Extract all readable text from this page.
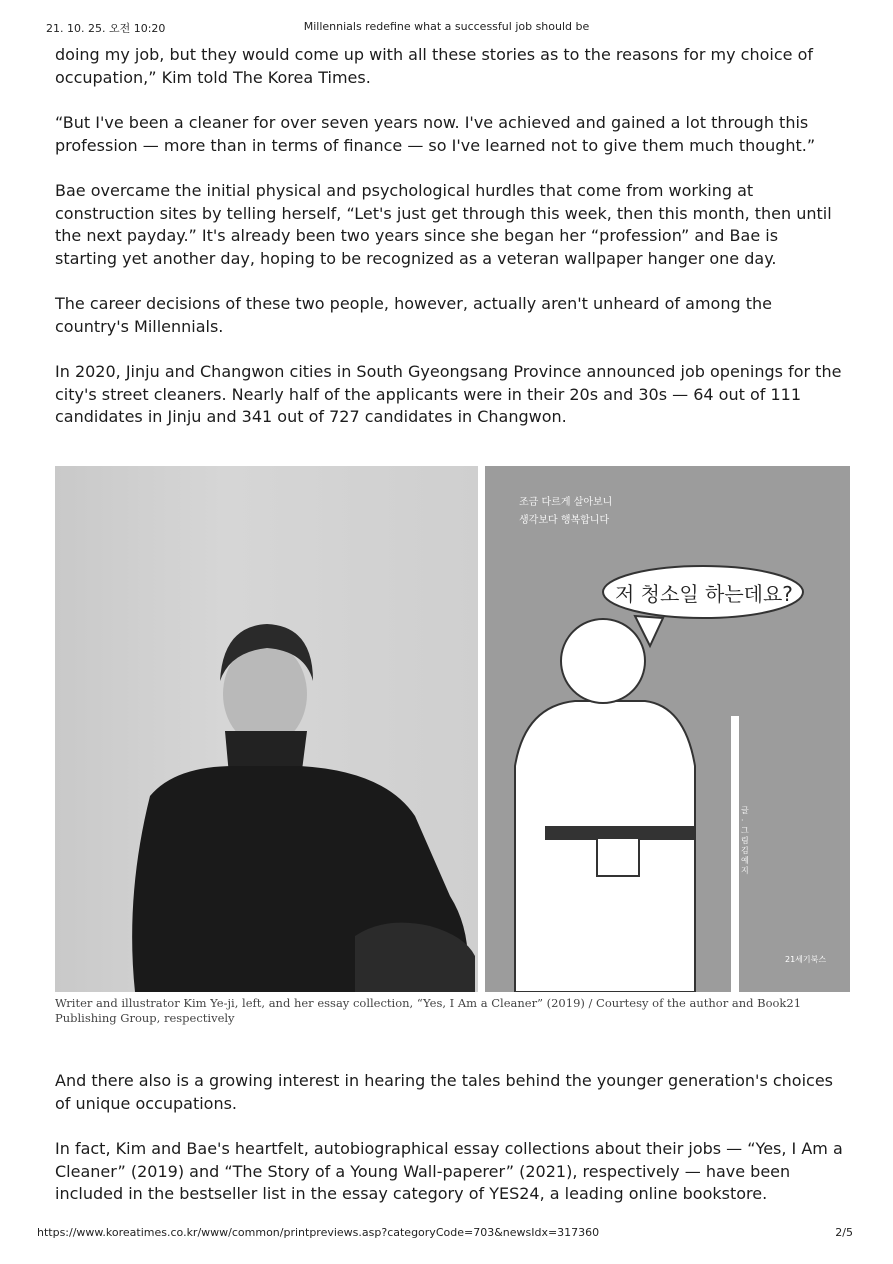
21. 10. 25. 오전 10:20	Millennials redefine what a successful job should be

doing my job, but they would come up with all these stories as to the reasons for my choice of occupation,” Kim told The Korea Times.

“But I've been a cleaner for over seven years now. I've achieved and gained a lot through this profession — more than in terms of finance — so I've learned not to give them much thought.”

Bae overcame the initial physical and psychological hurdles that come from working at construction sites by telling herself, “Let's just get through this week, then this month, then until the next payday.” It's already been two years since she began her “profession” and Bae is starting yet another day, hoping to be recognized as a veteran wallpaper hanger one day.

The career decisions of these two people, however, actually aren't unheard of among the country's Millennials.

In 2020, Jinju and Changwon cities in South Gyeongsang Province announced job openings for the city's street cleaners. Nearly half of the applicants were in their 20s and 30s — 64 out of 111 candidates in Jinju and 341 out of 727 candidates in Changwon.

조금 다르게 살아보니
생각보다 행복합니다
저 청소일 하는데요?
글·그림 김예지
21세기북스
Writer and illustrator Kim Ye-ji, left, and her essay collection, “Yes, I Am a Cleaner” (2019) / Courtesy of the author and Book21 Publishing Group, respectively

And there also is a growing interest in hearing the tales behind the younger generation's choices of unique occupations.

In fact, Kim and Bae's heartfelt, autobiographical essay collections about their jobs — “Yes, I Am a Cleaner” (2019) and “The Story of a Young Wall-paperer” (2021), respectively — have been included in the bestseller list in the essay category of YES24, a leading online bookstore.

https://www.koreatimes.co.kr/www/common/printpreviews.asp?categoryCode=703&newsIdx=317360	2/5
